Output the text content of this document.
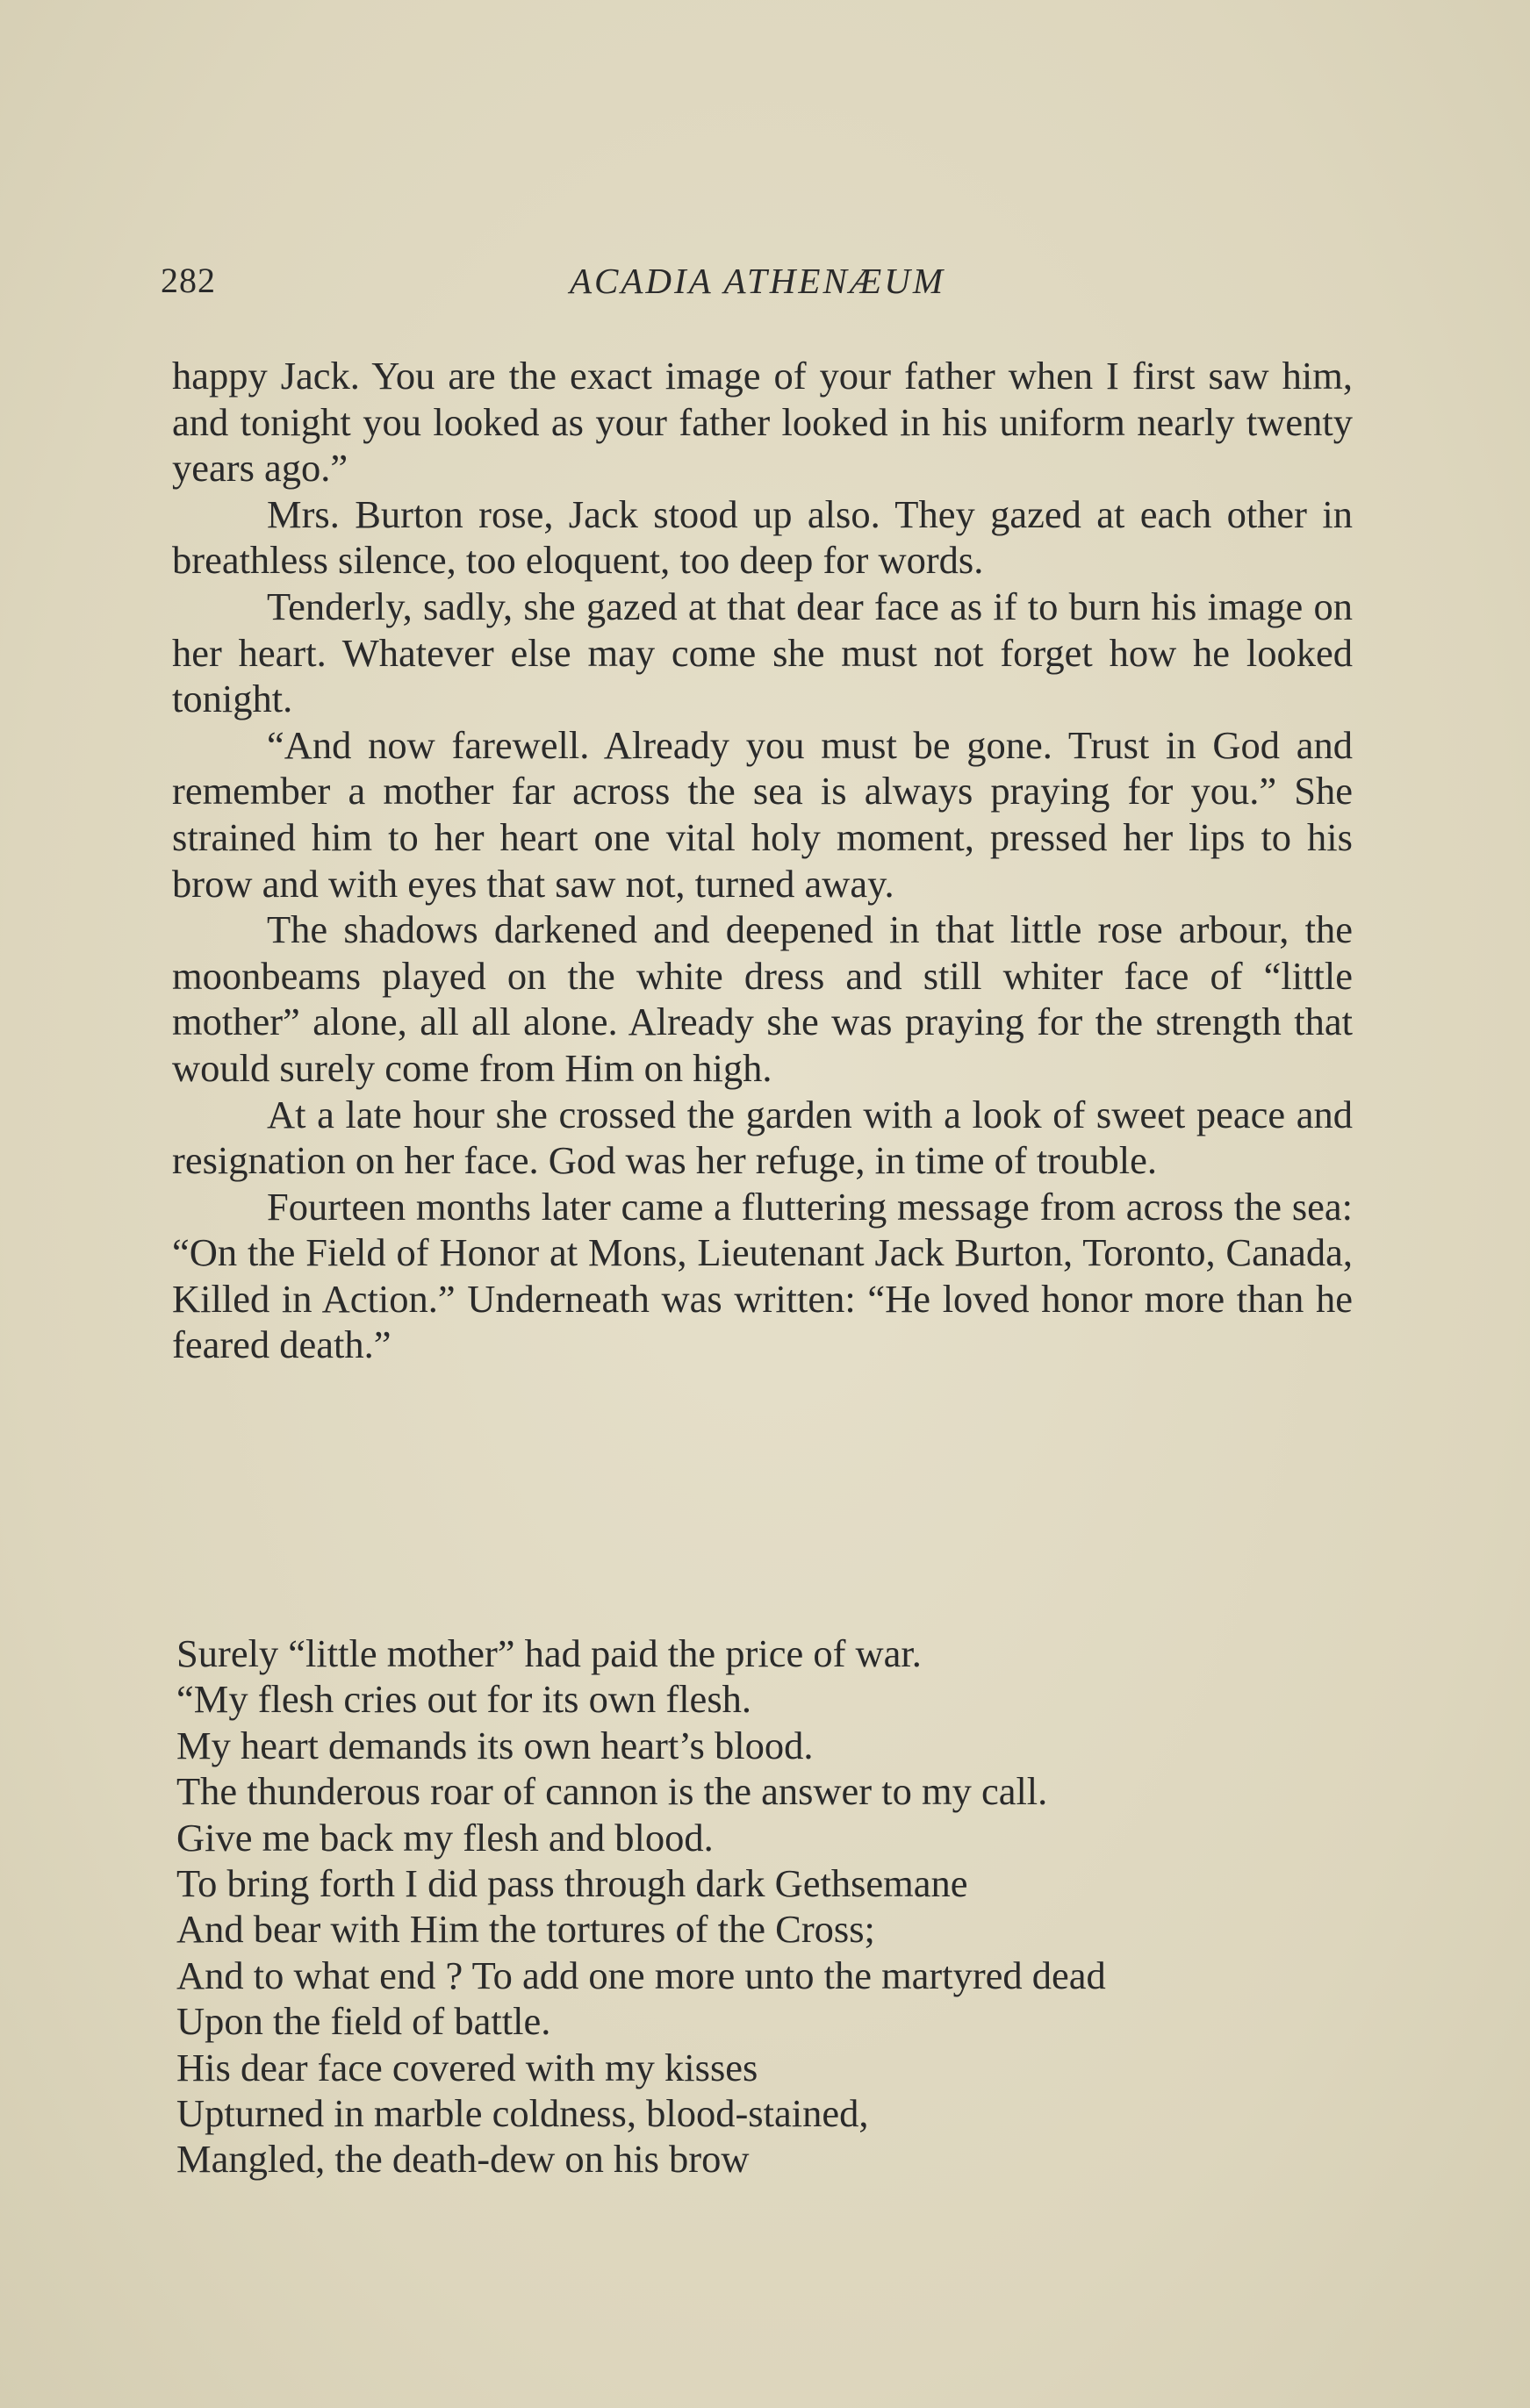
282	ACADIA ATHENÆUM

happy Jack. You are the exact image of your father when I first saw him, and tonight you looked as your father looked in his uniform nearly twenty years ago.”

Mrs. Burton rose, Jack stood up also. They gazed at each other in breathless silence, too eloquent, too deep for words.

Tenderly, sadly, she gazed at that dear face as if to burn his image on her heart. Whatever else may come she must not forget how he looked tonight.

“And now farewell. Already you must be gone. Trust in God and remember a mother far across the sea is always praying for you.” She strained him to her heart one vital holy moment, pressed her lips to his brow and with eyes that saw not, turned away.

The shadows darkened and deepened in that little rose arbour, the moonbeams played on the white dress and still whiter face of “little mother” alone, all all alone. Already she was praying for the strength that would surely come from Him on high.

At a late hour she crossed the garden with a look of sweet peace and resignation on her face. God was her refuge, in time of trouble.

Fourteen months later came a fluttering message from across the sea: “On the Field of Honor at Mons, Lieutenant Jack Burton, Toronto, Canada, Killed in Action.” Underneath was written: “He loved honor more than he feared death.”

Surely “little mother” had paid the price of war.
“My flesh cries out for its own flesh.
My heart demands its own heart’s blood.
The thunderous roar of cannon is the answer to my call.
Give me back my flesh and blood.
To bring forth I did pass through dark Gethsemane
And bear with Him the tortures of the Cross;
And to what end ? To add one more unto the martyred dead
Upon the field of battle.
His dear face covered with my kisses
Upturned in marble coldness, blood-stained,
Mangled, the death-dew on his brow
